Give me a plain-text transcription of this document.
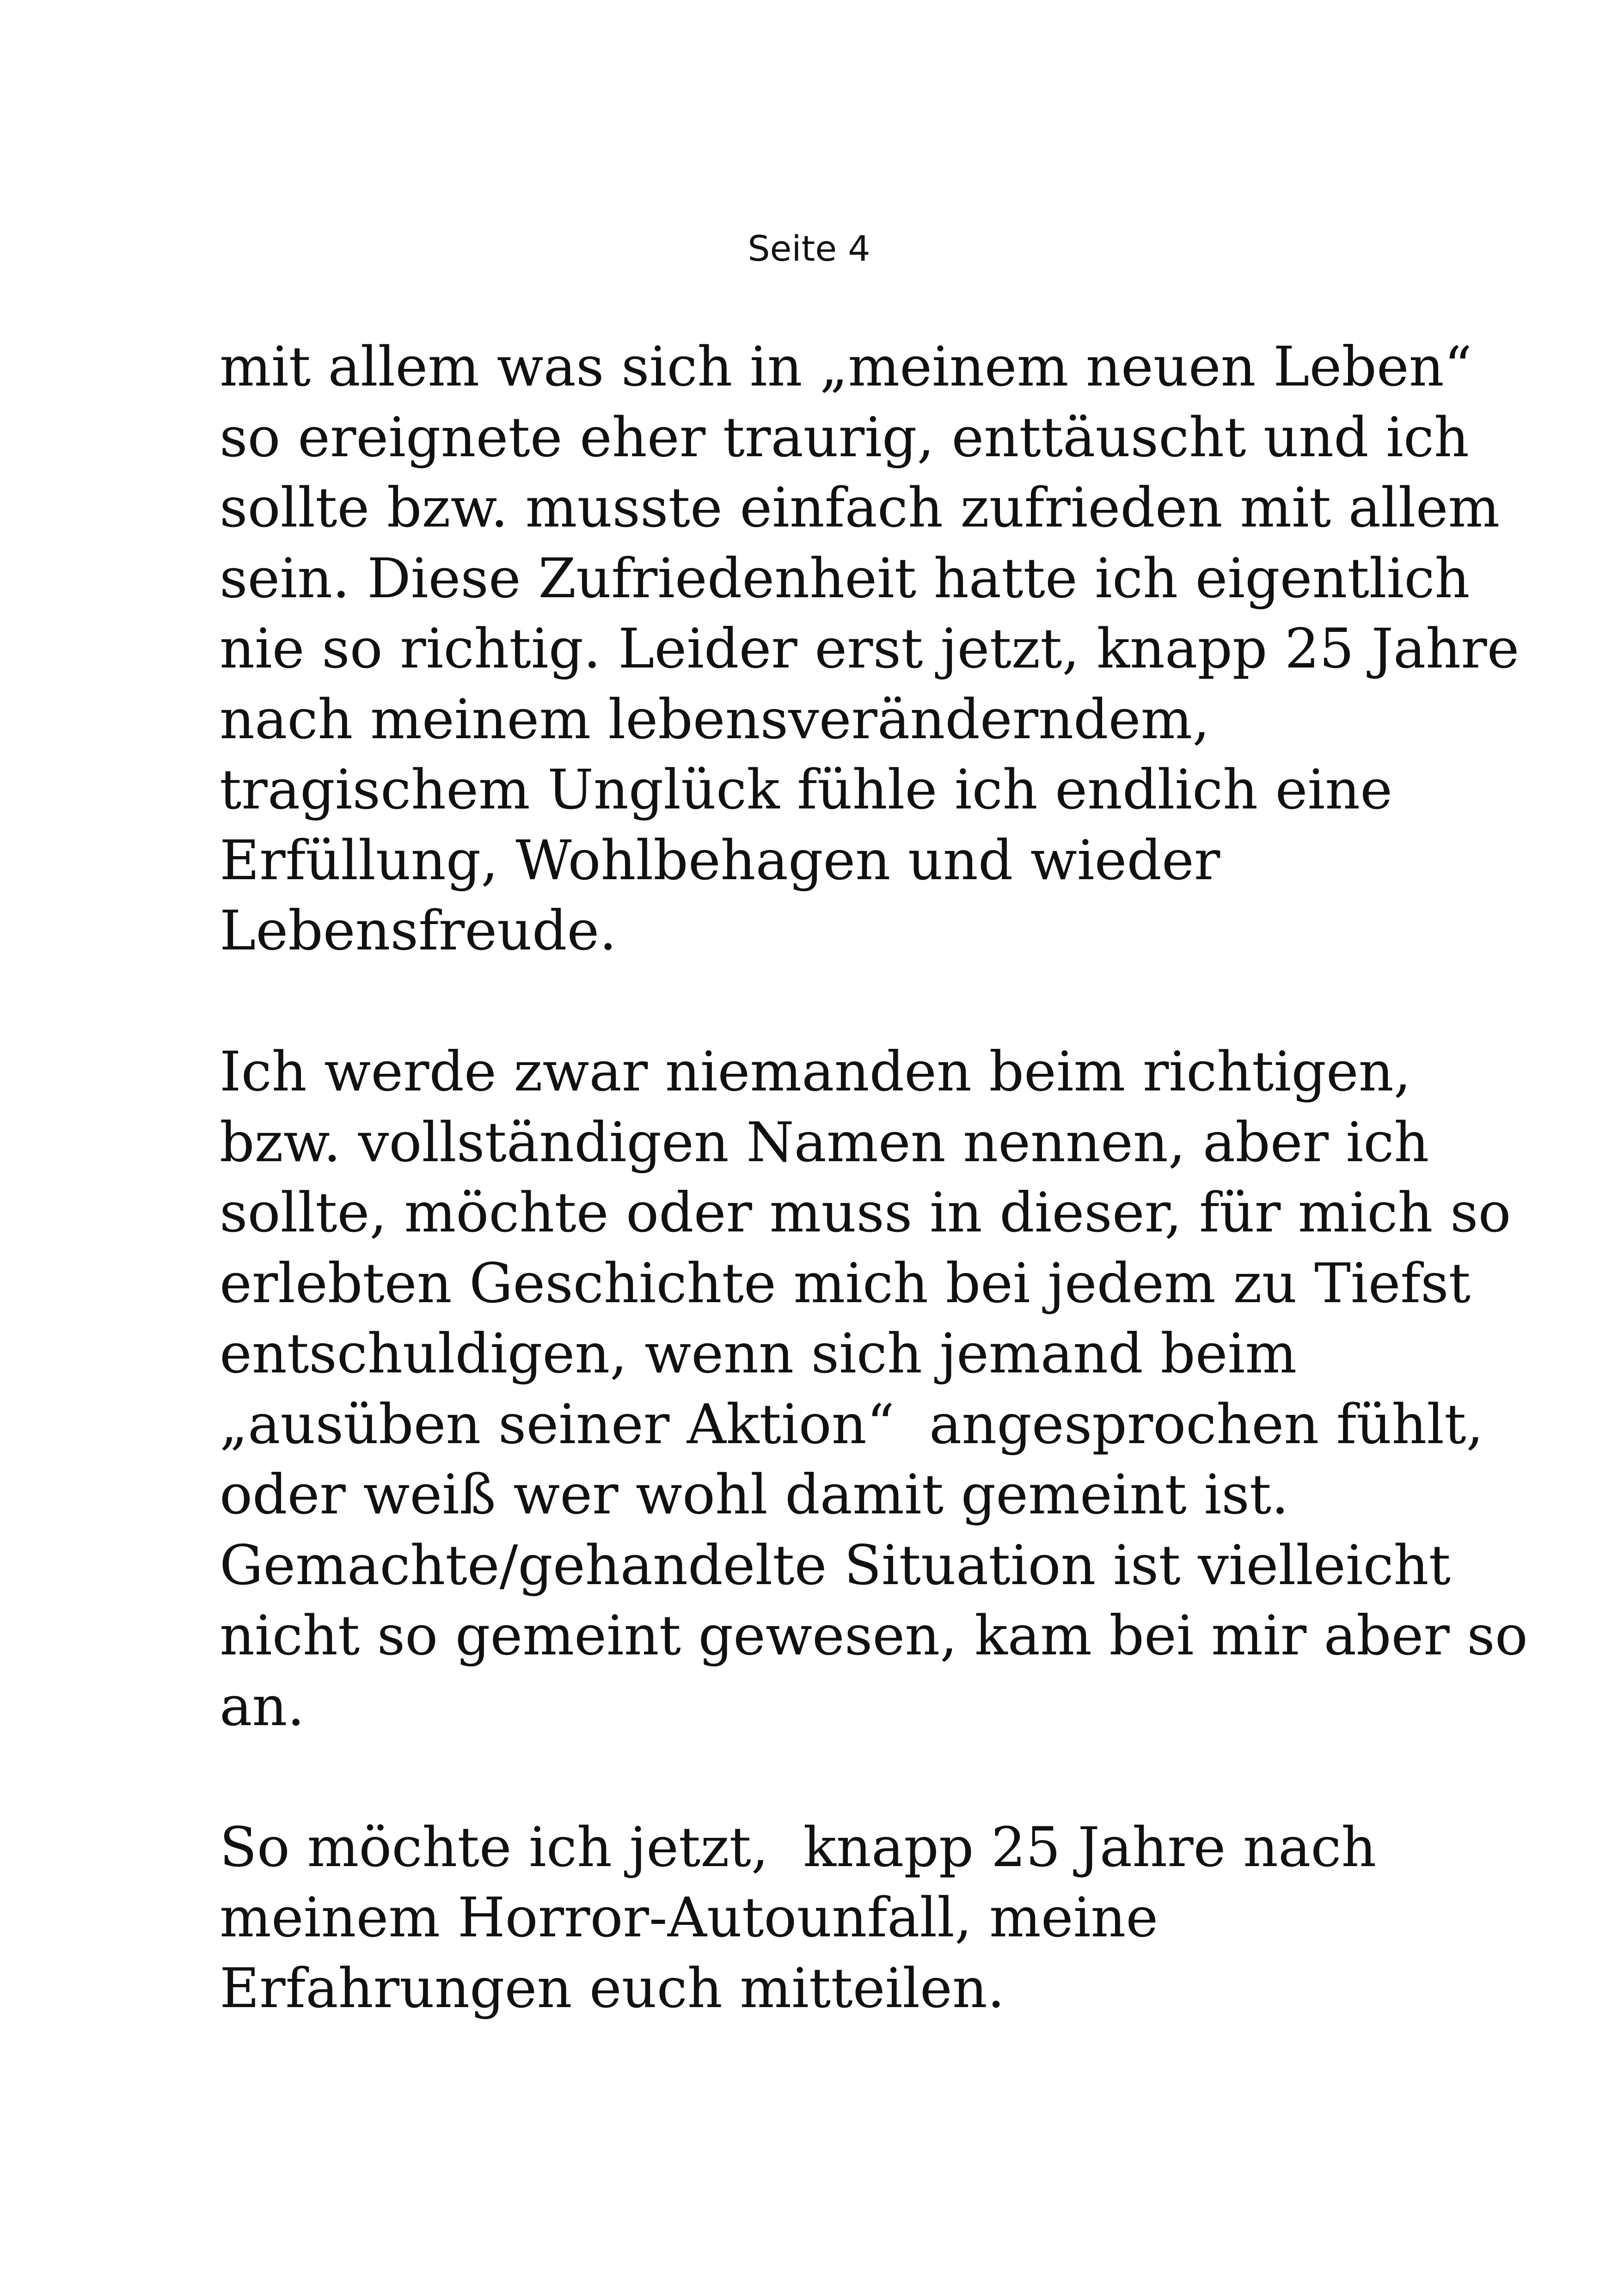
Seite 4
mit allem was sich in „meinem neuen Leben“
so ereignete eher traurig, enttäuscht und ich
sollte bzw. musste einfach zufrieden mit allem
sein. Diese Zufriedenheit hatte ich eigentlich
nie so richtig. Leider erst jetzt, knapp 25 Jahre
nach meinem lebensveränderndem,
tragischem Unglück fühle ich endlich eine
Erfüllung, Wohlbehagen und wieder
Lebensfreude.
Ich werde zwar niemanden beim richtigen,
bzw. vollständigen Namen nennen, aber ich
sollte, möchte oder muss in dieser, für mich so
erlebten Geschichte mich bei jedem zu Tiefst
entschuldigen, wenn sich jemand beim
„ausüben seiner Aktion“  angesprochen fühlt,
oder weiß wer wohl damit gemeint ist.
Gemachte/gehandelte Situation ist vielleicht
nicht so gemeint gewesen, kam bei mir aber so
an.
So möchte ich jetzt,  knapp 25 Jahre nach
meinem Horror-Autounfall, meine
Erfahrungen euch mitteilen.
